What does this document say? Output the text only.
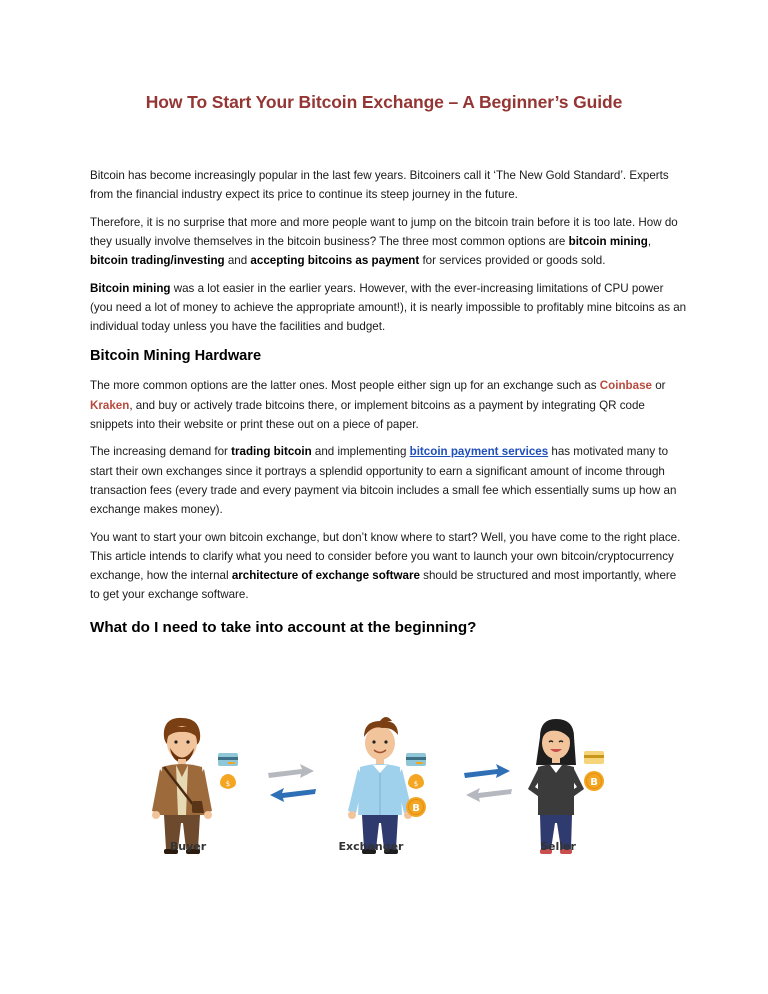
How To Start Your Bitcoin Exchange – A Beginner’s Guide

Bitcoin has become increasingly popular in the last few years. Bitcoiners call it ‘The New Gold Standard’. Experts from the financial industry expect its price to continue its steep journey in the future.

Therefore, it is no surprise that more and more people want to jump on the bitcoin train before it is too late. How do they usually involve themselves in the bitcoin business? The three most common options are bitcoin mining, bitcoin trading/investing and accepting bitcoins as payment for services provided or goods sold.

Bitcoin mining was a lot easier in the earlier years. However, with the ever-increasing limitations of CPU power (you need a lot of money to achieve the appropriate amount!), it is nearly impossible to profitably mine bitcoins as an individual today unless you have the facilities and budget.

Bitcoin Mining Hardware

The more common options are the latter ones. Most people either sign up for an exchange such as Coinbase or Kraken, and buy or actively trade bitcoins there, or implement bitcoins as a payment by integrating QR code snippets into their website or print these out on a piece of paper.

The increasing demand for trading bitcoin and implementing bitcoin payment services has motivated many to start their own exchanges since it portrays a splendid opportunity to earn a significant amount of income through transaction fees (every trade and every payment via bitcoin includes a small fee which essentially sums up how an exchange makes money).

You want to start your own bitcoin exchange, but don’t know where to start? Well, you have come to the right place. This article intends to clarify what you need to consider before you want to launch your own bitcoin/cryptocurrency exchange, how the internal architecture of exchange software should be structured and most importantly, where to get your exchange software.

What do I need to take into account at the beginning?
$	$
B
B
Buyer	Exchanger	Seller
